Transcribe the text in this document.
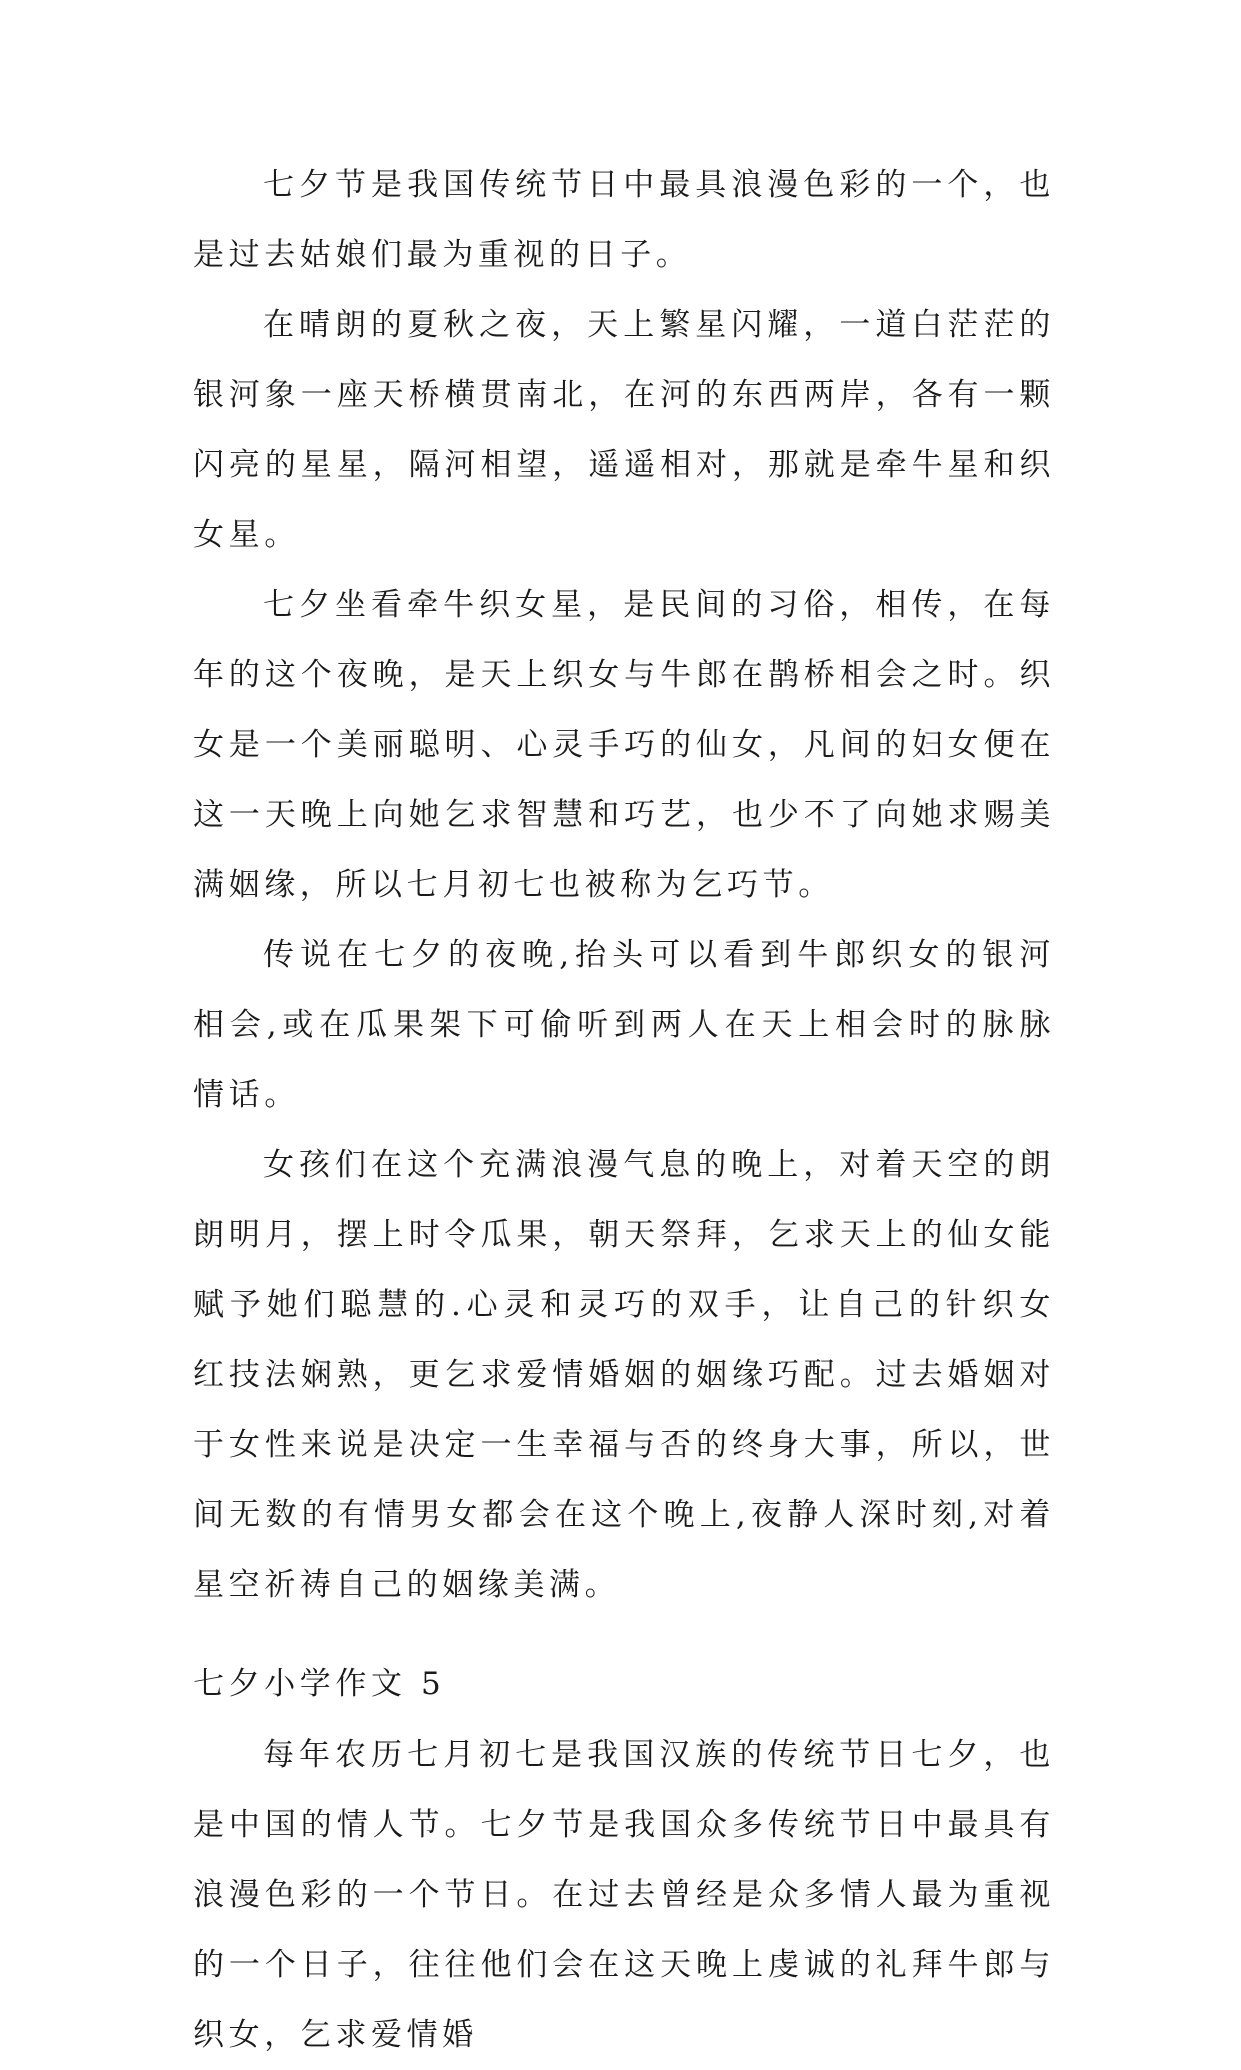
七夕节是我国传统节日中最具浪漫色彩的一个，也是过去姑娘们最为重视的日子。

在晴朗的夏秋之夜，天上繁星闪耀，一道白茫茫的银河象一座天桥横贯南北，在河的东西两岸，各有一颗闪亮的星星，隔河相望，遥遥相对，那就是牵牛星和织女星。

七夕坐看牵牛织女星，是民间的习俗，相传，在每年的这个夜晚，是天上织女与牛郎在鹊桥相会之时。织女是一个美丽聪明、心灵手巧的仙女，凡间的妇女便在这一天晚上向她乞求智慧和巧艺，也少不了向她求赐美满姻缘，所以七月初七也被称为乞巧节。

传说在七夕的夜晚,抬头可以看到牛郎织女的银河相会,或在瓜果架下可偷听到两人在天上相会时的脉脉情话。

女孩们在这个充满浪漫气息的晚上，对着天空的朗朗明月，摆上时令瓜果，朝天祭拜，乞求天上的仙女能赋予她们聪慧的.心灵和灵巧的双手，让自己的针织女红技法娴熟，更乞求爱情婚姻的姻缘巧配。过去婚姻对于女性来说是决定一生幸福与否的终身大事，所以，世间无数的有情男女都会在这个晚上,夜静人深时刻,对着星空祈祷自己的姻缘美满。

七夕小学作文 5

每年农历七月初七是我国汉族的传统节日七夕，也是中国的情人节。七夕节是我国众多传统节日中最具有浪漫色彩的一个节日。在过去曾经是众多情人最为重视的一个日子，往往他们会在这天晚上虔诚的礼拜牛郎与织女，乞求爱情婚
